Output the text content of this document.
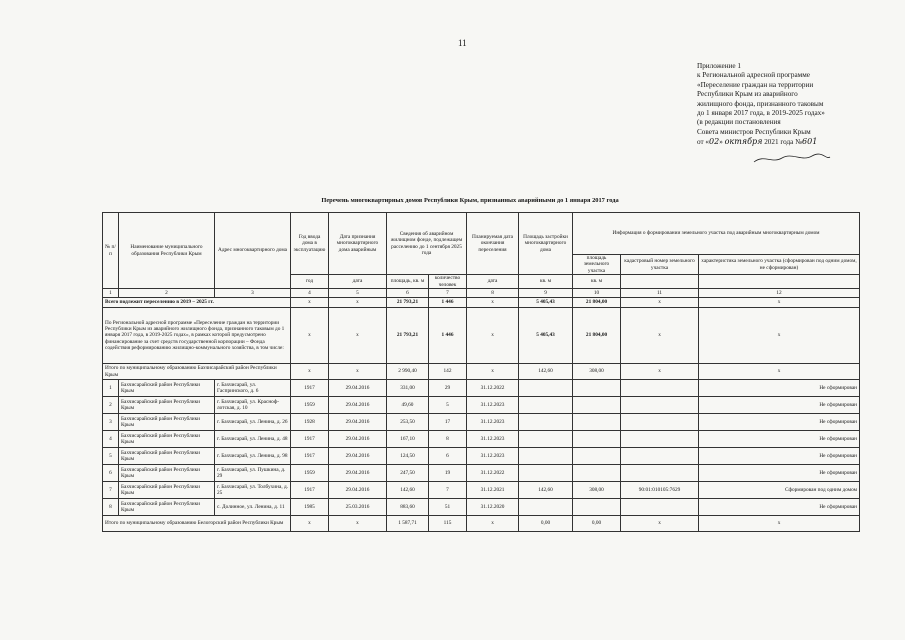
11
Приложение 1
к Региональной адресной программе
«Переселение граждан на территории
Республики Крым из аварийного
жилищного фонда, признанного таковым
до 1 января 2017 года, в 2019-2025 годах»
(в редакции постановления
Совета министров Республики Крым
от «02» октября 2021 года №601
Перечень многоквартирных домов Республики Крым, признанных аварийными до 1 января 2017 года
№ п/п	Наименование муниципального образования Республики Крым	Адрес многоквартирного дома	Год ввода дома в эксплуатацию	Дата признания многоквартирного дома аварийным	Сведения об аварийном жилищном фонде, подлежащем расселению до 1 сентября 2025 года		Планируемая дата окончания переселения	Площадь застройки многоквартирного дома	Информация о формировании земельного участка под аварийным многоквартирным домом		
									площадь земельного участка	кадастровый номер земельного участка	характеристика земельного участка (сформирован под одним домом, не сформирован)
			год	дата	площадь, кв. м	количество человек	дата	кв. м	кв. м		
1	2	3	4	5	6	7	8	9	10	11	12
Всего подлежит переселению в 2019 – 2025 гг.			x	x	21 793,21	1 446	x	5 405,43	21 804,00	x	x
По Региональной адресной программе «Переселение граждан на территории Республики Крым из аварийного жилищного фонда, признанного таковым до 1 января 2017 года, в 2019-2025 годах», в рамках которой предусмотрено финансирование за счет средств государственной корпорации – Фонда содействия реформированию жилищно-коммунального хозяйства, в том числе:			x	x	21 793,21	1 446	x	5 405,43	21 804,00	x	x
Итого по муниципальному образованию Бахчисарайский район Республики Крым			x	x	2 990,40	142	x	142,60	308,00	x	x
1	Бахчисарайский район Республики Крым	г. Бахчисарай, ул. Гаспринского, д. 6	1917	29.04.2016	331,00	29	31.12.2022				Не сформирован
2	Бахчисарайский район Республики Крым	г. Бахчисарай, ул. Краснофлотская, д. 10	1959	29.04.2016	49,60	5	31.12.2023				Не сформирован
3	Бахчисарайский район Республики Крым	г. Бахчисарай, ул. Ленина, д. 26	1928	29.04.2016	253,50	17	31.12.2023				Не сформирован
4	Бахчисарайский район Республики Крым	г. Бахчисарай, ул. Ленина, д. 48	1917	29.04.2016	167,10	8	31.12.2023				Не сформирован
5	Бахчисарайский район Республики Крым	г. Бахчисарай, ул. Ленина, д. 98	1917	29.04.2016	124,50	6	31.12.2023				Не сформирован
6	Бахчисарайский район Республики Крым	г. Бахчисарай, ул. Пушкина, д. 29	1959	29.04.2016	247,50	19	31.12.2022				Не сформирован
7	Бахчисарайский район Республики Крым	г. Бахчисарай, ул. Толбухина, д. 25	1917	29.04.2016	142,60	7	31.12.2021	142,60	308,00	90:01:010105:7629	Сформирован под одним домом
8	Бахчисарайский район Республики Крым	с. Долинное, ул. Ленина, д. 11	1985	25.03.2016	883,60	51	31.12.2020				Не сформирован
Итого по муниципальному образованию Белогорский район Республики Крым			x	x	1 587,71	115	x	0,00	0,00	x	x
